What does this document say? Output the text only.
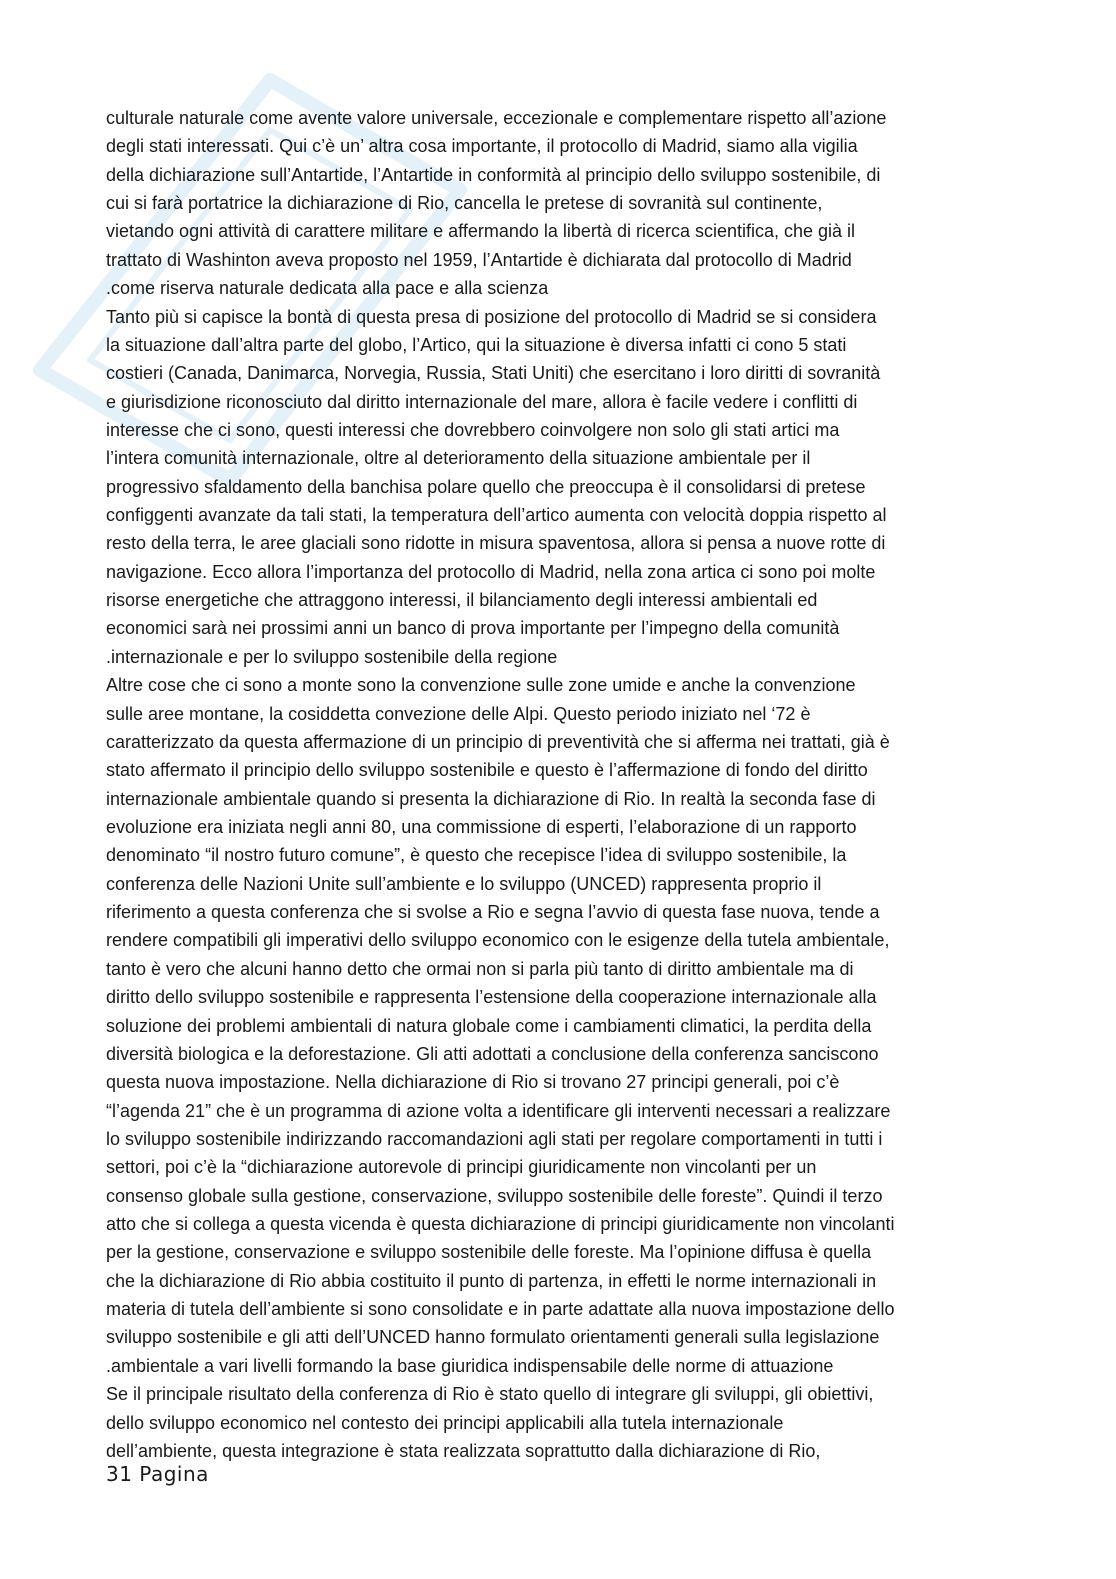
culturale naturale come avente valore universale, eccezionale e complementare rispetto all’azione
degli stati interessati. Qui c’è un’ altra cosa importante, il protocollo di Madrid, siamo alla vigilia
della dichiarazione sull’Antartide, l’Antartide in conformità al principio dello sviluppo sostenibile, di
cui si farà portatrice la dichiarazione di Rio, cancella le pretese di sovranità sul continente,
vietando ogni attività di carattere militare e affermando la libertà di ricerca scientifica, che già il
trattato di Washinton aveva proposto nel 1959, l’Antartide è dichiarata dal protocollo di Madrid
.come riserva naturale dedicata alla pace e alla scienza
Tanto più si capisce la bontà di questa presa di posizione del protocollo di Madrid se si considera
la situazione dall’altra parte del globo, l’Artico, qui la situazione è diversa infatti ci cono 5 stati
costieri (Canada, Danimarca, Norvegia, Russia, Stati Uniti) che esercitano i loro diritti di sovranità
e giurisdizione riconosciuto dal diritto internazionale del mare, allora è facile vedere i conflitti di
interesse che ci sono, questi interessi che dovrebbero coinvolgere non solo gli stati artici ma
l’intera comunità internazionale, oltre al deterioramento della situazione ambientale per il
progressivo sfaldamento della banchisa polare quello che preoccupa è il consolidarsi di pretese
configgenti avanzate da tali stati, la temperatura dell’artico aumenta con velocità doppia rispetto al
resto della terra, le aree glaciali sono ridotte in misura spaventosa, allora si pensa a nuove rotte di
navigazione. Ecco allora l’importanza del protocollo di Madrid, nella zona artica ci sono poi molte
risorse energetiche che attraggono interessi, il bilanciamento degli interessi ambientali ed
economici sarà nei prossimi anni un banco di prova importante per l’impegno della comunità
.internazionale e per lo sviluppo sostenibile della regione
Altre cose che ci sono a monte sono la convenzione sulle zone umide e anche la convenzione
sulle aree montane, la cosiddetta convezione delle Alpi. Questo periodo iniziato nel ‘72 è
caratterizzato da questa affermazione di un principio di preventività che si afferma nei trattati, già è
stato affermato il principio dello sviluppo sostenibile e questo è l’affermazione di fondo del diritto
internazionale ambientale quando si presenta la dichiarazione di Rio. In realtà la seconda fase di
evoluzione era iniziata negli anni 80, una commissione di esperti, l’elaborazione di un rapporto
denominato “il nostro futuro comune”, è questo che recepisce l’idea di sviluppo sostenibile, la
conferenza delle Nazioni Unite sull’ambiente e lo sviluppo (UNCED) rappresenta proprio il
riferimento a questa conferenza che si svolse a Rio e segna l’avvio di questa fase nuova, tende a
rendere compatibili gli imperativi dello sviluppo economico con le esigenze della tutela ambientale,
tanto è vero che alcuni hanno detto che ormai non si parla più tanto di diritto ambientale ma di
diritto dello sviluppo sostenibile e rappresenta l’estensione della cooperazione internazionale alla
soluzione dei problemi ambientali di natura globale come i cambiamenti climatici, la perdita della
diversità biologica e la deforestazione. Gli atti adottati a conclusione della conferenza sanciscono
questa nuova impostazione. Nella dichiarazione di Rio si trovano 27 principi generali, poi c’è
“l’agenda 21” che è un programma di azione volta a identificare gli interventi necessari a realizzare
lo sviluppo sostenibile indirizzando raccomandazioni agli stati per regolare comportamenti in tutti i
settori, poi c’è la “dichiarazione autorevole di principi giuridicamente non vincolanti per un
consenso globale sulla gestione, conservazione, sviluppo sostenibile delle foreste”. Quindi il terzo
atto che si collega a questa vicenda è questa dichiarazione di principi giuridicamente non vincolanti
per la gestione, conservazione e sviluppo sostenibile delle foreste. Ma l’opinione diffusa è quella
che la dichiarazione di Rio abbia costituito il punto di partenza, in effetti le norme internazionali in
materia di tutela dell’ambiente si sono consolidate e in parte adattate alla nuova impostazione dello
sviluppo sostenibile e gli atti dell’UNCED hanno formulato orientamenti generali sulla legislazione
.ambientale a vari livelli formando la base giuridica indispensabile delle norme di attuazione
Se il principale risultato della conferenza di Rio è stato quello di integrare gli sviluppi, gli obiettivi,
dello sviluppo economico nel contesto dei principi applicabili alla tutela internazionale
dell’ambiente, questa integrazione è stata realizzata soprattutto dalla dichiarazione di Rio,
31 Pagina
